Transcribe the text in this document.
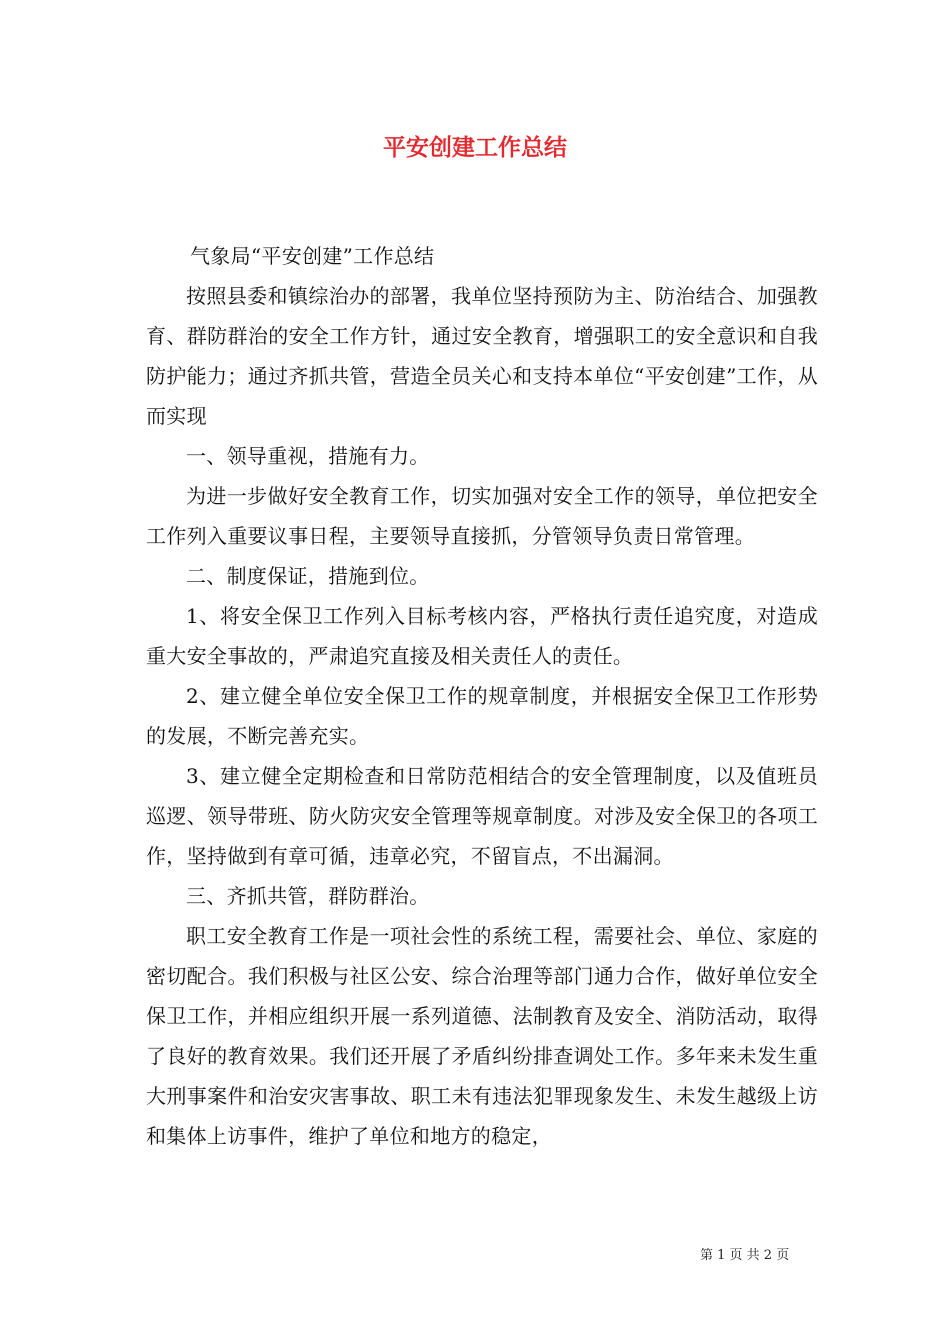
平安创建工作总结

气象局“平安创建”工作总结

按照县委和镇综治办的部署，我单位坚持预防为主、防治结合、加强教育、群防群治的安全工作方针，通过安全教育，增强职工的安全意识和自我防护能力；通过齐抓共管，营造全员关心和支持本单位“平安创建”工作，从而实现

一、领导重视，措施有力。

为进一步做好安全教育工作，切实加强对安全工作的领导，单位把安全工作列入重要议事日程，主要领导直接抓，分管领导负责日常管理。

二、制度保证，措施到位。

1、将安全保卫工作列入目标考核内容，严格执行责任追究度，对造成重大安全事故的，严肃追究直接及相关责任人的责任。

2、建立健全单位安全保卫工作的规章制度，并根据安全保卫工作形势的发展，不断完善充实。

3、建立健全定期检查和日常防范相结合的安全管理制度，以及值班员巡逻、领导带班、防火防灾安全管理等规章制度。对涉及安全保卫的各项工作，坚持做到有章可循，违章必究，不留盲点，不出漏洞。

三、齐抓共管，群防群治。

职工安全教育工作是一项社会性的系统工程，需要社会、单位、家庭的密切配合。我们积极与社区公安、综合治理等部门通力合作，做好单位安全保卫工作，并相应组织开展一系列道德、法制教育及安全、消防活动，取得了良好的教育效果。我们还开展了矛盾纠纷排查调处工作。多年来未发生重大刑事案件和治安灾害事故、职工未有违法犯罪现象发生、未发生越级上访和集体上访事件，维护了单位和地方的稳定，

第 1 页 共 2 页
